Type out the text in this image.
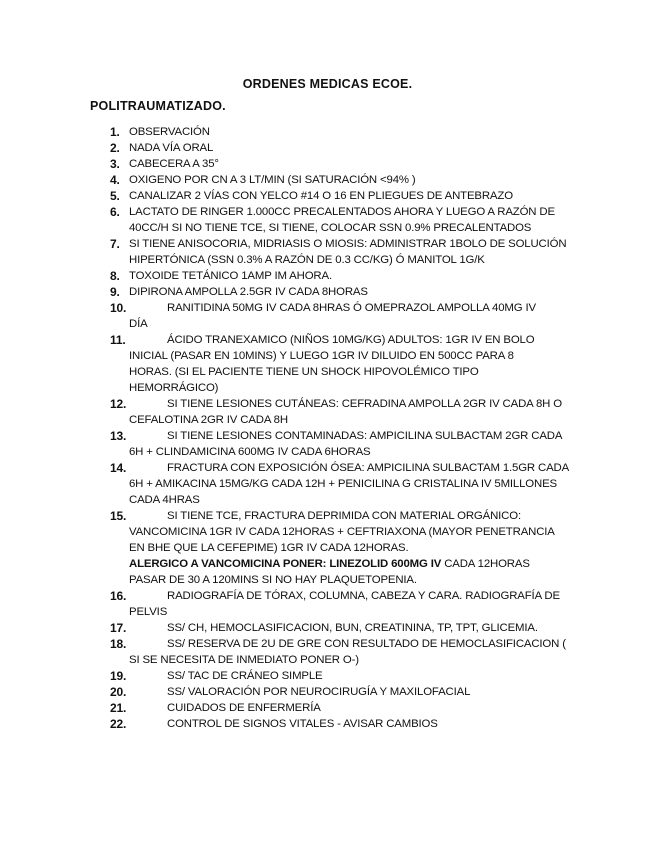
ORDENES MEDICAS ECOE.
POLITRAUMATIZADO.
1. OBSERVACIÓN
2. NADA VÍA ORAL
3. CABECERA A 35°
4. OXIGENO POR CN A 3 LT/MIN (SI SATURACIÓN <94% )
5. CANALIZAR 2 VÍAS CON YELCO #14 O 16 EN PLIEGUES DE ANTEBRAZO
6. LACTATO DE RINGER 1.000CC PRECALENTADOS AHORA Y LUEGO A RAZÓN DE 40CC/H SI NO TIENE TCE, SI TIENE, COLOCAR SSN 0.9% PRECALENTADOS
7. SI TIENE ANISOCORIA, MIDRIASIS O MIOSIS: ADMINISTRAR 1BOLO DE SOLUCIÓN HIPERTÓNICA (SSN 0.3% A RAZÓN DE 0.3 CC/KG) Ó MANITOL 1G/K
8. TOXOIDE TETÁNICO 1AMP IM AHORA.
9. DIPIRONA AMPOLLA 2.5GR IV CADA 8HORAS
10.	RANITIDINA 50MG IV CADA 8HRAS Ó OMEPRAZOL AMPOLLA 40MG IV DÍA
11.	ÁCIDO TRANEXAMICO (NIÑOS 10MG/KG) ADULTOS: 1GR IV EN BOLO INICIAL (PASAR EN 10MINS) Y LUEGO 1GR IV DILUIDO EN 500CC PARA 8 HORAS. (SI EL PACIENTE TIENE UN SHOCK HIPOVOLÉMICO TIPO HEMORRÁGICO)
12.	SI TIENE LESIONES CUTÁNEAS: CEFRADINA AMPOLLA 2GR IV CADA 8H O CEFALOTINA 2GR IV CADA 8H
13.	SI TIENE LESIONES CONTAMINADAS: AMPICILINA SULBACTAM 2GR CADA 6H + CLINDAMICINA 600MG IV CADA 6HORAS
14.	FRACTURA CON EXPOSICIÓN ÓSEA: AMPICILINA SULBACTAM 1.5GR CADA 6H + AMIKACINA 15MG/KG CADA 12H + PENICILINA G CRISTALINA IV 5MILLONES CADA 4HRAS
15.	SI TIENE TCE, FRACTURA DEPRIMIDA CON MATERIAL ORGÁNICO: VANCOMICINA 1GR IV CADA 12HORAS + CEFTRIAXONA (MAYOR PENETRANCIA EN BHE QUE LA CEFEPIME) 1GR IV CADA 12HORAS.
ALERGICO A VANCOMICINA PONER: LINEZOLID 600MG IV CADA 12HORAS PASAR DE 30 A 120MINS SI NO HAY PLAQUETOPENIA.
16.	RADIOGRAFÍA DE TÓRAX, COLUMNA, CABEZA Y CARA. RADIOGRAFÍA DE PELVIS
17.	SS/ CH, HEMOCLASIFICACION, BUN, CREATININA, TP, TPT, GLICEMIA.
18.	SS/ RESERVA DE 2U DE GRE CON RESULTADO DE HEMOCLASIFICACION ( SI SE NECESITA DE INMEDIATO PONER O-)
19.	SS/ TAC DE CRÁNEO SIMPLE
20.	SS/ VALORACIÓN POR NEUROCIRUGÍA Y MAXILOFACIAL
21.	CUIDADOS DE ENFERMERÍA
22.	CONTROL DE SIGNOS VITALES - AVISAR CAMBIOS
